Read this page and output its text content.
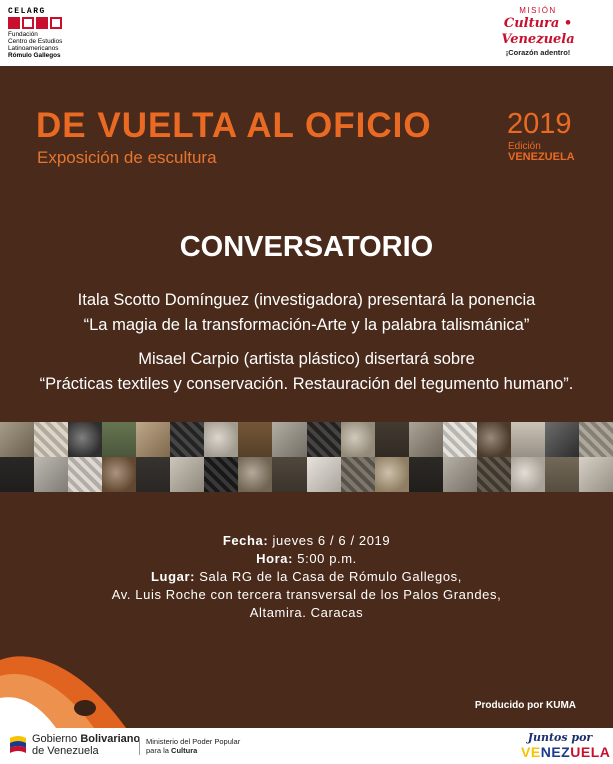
CELARG
Fundación
Centro de Estudios
Latinoamericanos
Rómulo Gallegos
MISIÓN
Cultura • Venezuela
¡Corazón adentro!
DE VUELTA AL OFICIO
Exposición de escultura
2019
Edición
VENEZUELA
CONVERSATORIO
Itala Scotto Domínguez (investigadora) presentará la ponencia
“La magia de la transformación-Arte y la palabra talismánica”
Misael Carpio (artista plástico) disertará sobre
“Prácticas textiles y conservación. Restauración del tegumento humano”.
Fecha: jueves 6 / 6 / 2019
Hora: 5:00 p.m.
Lugar: Sala RG de la Casa de Rómulo Gallegos,
Av. Luis Roche con tercera transversal de los Palos Grandes,
Altamira. Caracas
Producido por KUMA
Gobierno Bolivariano
de Venezuela
Ministerio del Poder Popular
para la Cultura
Juntos por
VENEZUELA
